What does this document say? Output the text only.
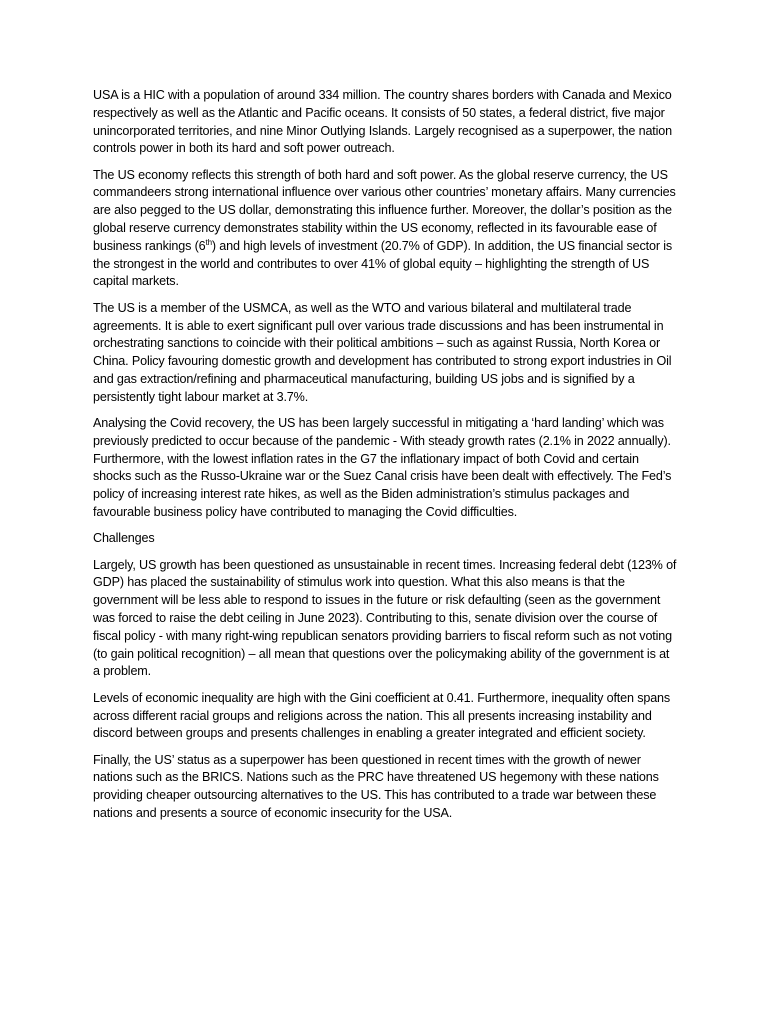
USA is a HIC with a population of around 334 million. The country shares borders with Canada and Mexico respectively as well as the Atlantic and Pacific oceans. It consists of 50 states, a federal district, five major unincorporated territories, and nine Minor Outlying Islands. Largely recognised as a superpower, the nation controls power in both its hard and soft power outreach.

The US economy reflects this strength of both hard and soft power. As the global reserve currency, the US commandeers strong international influence over various other countries’ monetary affairs. Many currencies are also pegged to the US dollar, demonstrating this influence further. Moreover, the dollar’s position as the global reserve currency demonstrates stability within the US economy, reflected in its favourable ease of business rankings (6th) and high levels of investment (20.7% of GDP). In addition, the US financial sector is the strongest in the world and contributes to over 41% of global equity – highlighting the strength of US capital markets.

The US is a member of the USMCA, as well as the WTO and various bilateral and multilateral trade agreements. It is able to exert significant pull over various trade discussions and has been instrumental in orchestrating sanctions to coincide with their political ambitions – such as against Russia, North Korea or China. Policy favouring domestic growth and development has contributed to strong export industries in Oil and gas extraction/refining and pharmaceutical manufacturing, building US jobs and is signified by a persistently tight labour market at 3.7%.

Analysing the Covid recovery, the US has been largely successful in mitigating a ‘hard landing’ which was previously predicted to occur because of the pandemic - With steady growth rates (2.1% in 2022 annually). Furthermore, with the lowest inflation rates in the G7 the inflationary impact of both Covid and certain shocks such as the Russo-Ukraine war or the Suez Canal crisis have been dealt with effectively. The Fed’s policy of increasing interest rate hikes, as well as the Biden administration’s stimulus packages and favourable business policy have contributed to managing the Covid difficulties.

Challenges

Largely, US growth has been questioned as unsustainable in recent times. Increasing federal debt (123% of GDP) has placed the sustainability of stimulus work into question. What this also means is that the government will be less able to respond to issues in the future or risk defaulting (seen as the government was forced to raise the debt ceiling in June 2023). Contributing to this, senate division over the course of fiscal policy - with many right-wing republican senators providing barriers to fiscal reform such as not voting (to gain political recognition) – all mean that questions over the policymaking ability of the government is at a problem.

Levels of economic inequality are high with the Gini coefficient at 0.41. Furthermore, inequality often spans across different racial groups and religions across the nation. This all presents increasing instability and discord between groups and presents challenges in enabling a greater integrated and efficient society.

Finally, the US’ status as a superpower has been questioned in recent times with the growth of newer nations such as the BRICS. Nations such as the PRC have threatened US hegemony with these nations providing cheaper outsourcing alternatives to the US. This has contributed to a trade war between these nations and presents a source of economic insecurity for the USA.
